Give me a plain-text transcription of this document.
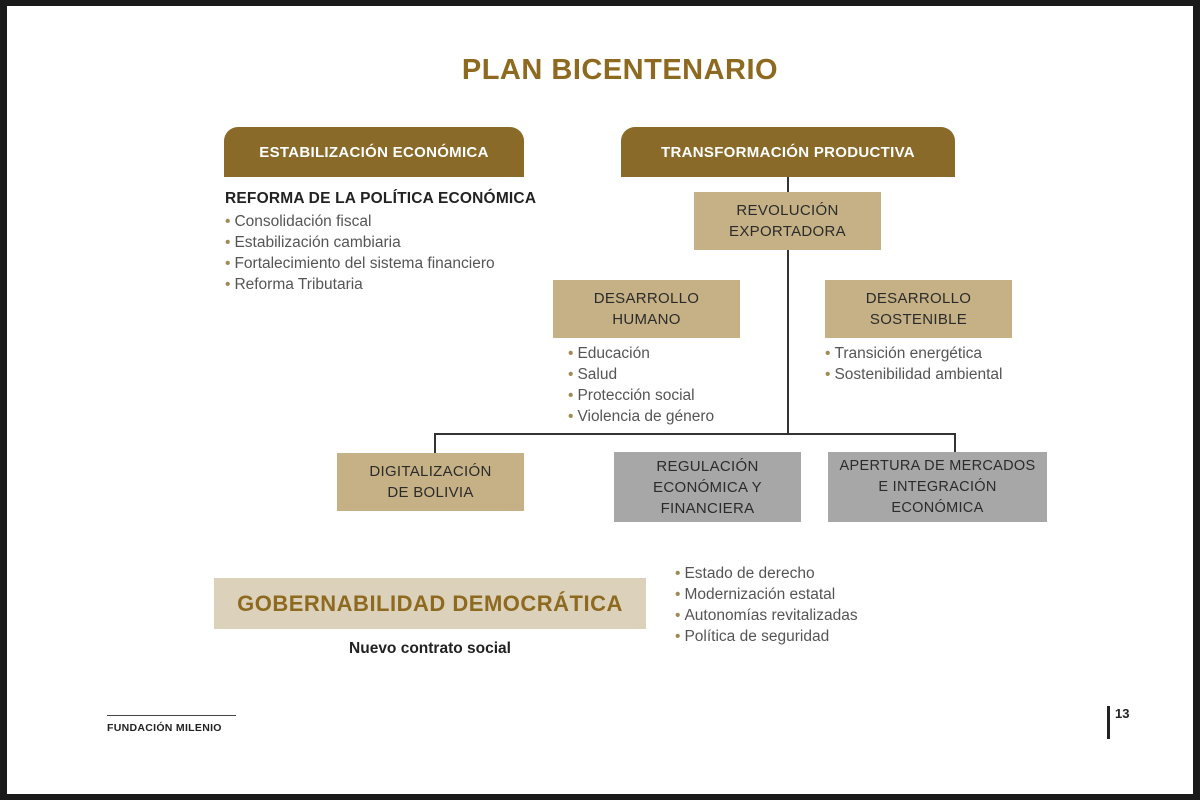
PLAN BICENTENARIO
ESTABILIZACIÓN ECONÓMICA	TRANSFORMACIÓN PRODUCTIVA
REFORMA DE LA POLÍTICA ECONÓMICA
• Consolidación fiscal
• Estabilización cambiaria
• Fortalecimiento del sistema financiero
• Reforma Tributaria
REVOLUCIÓN
EXPORTADORA
DESARROLLO
HUMANO
• Educación
• Salud
• Protección social
• Violencia de género
DESARROLLO
SOSTENIBLE
• Transición energética
• Sostenibilidad ambiental
DIGITALIZACIÓN
DE BOLIVIA
REGULACIÓN
ECONÓMICA Y
FINANCIERA
APERTURA DE MERCADOS
E INTEGRACIÓN
ECONÓMICA
GOBERNABILIDAD DEMOCRÁTICA
Nuevo contrato social
• Estado de derecho
• Modernización estatal
• Autonomías revitalizadas
• Política de seguridad
FUNDACIÓN MILENIO
13
